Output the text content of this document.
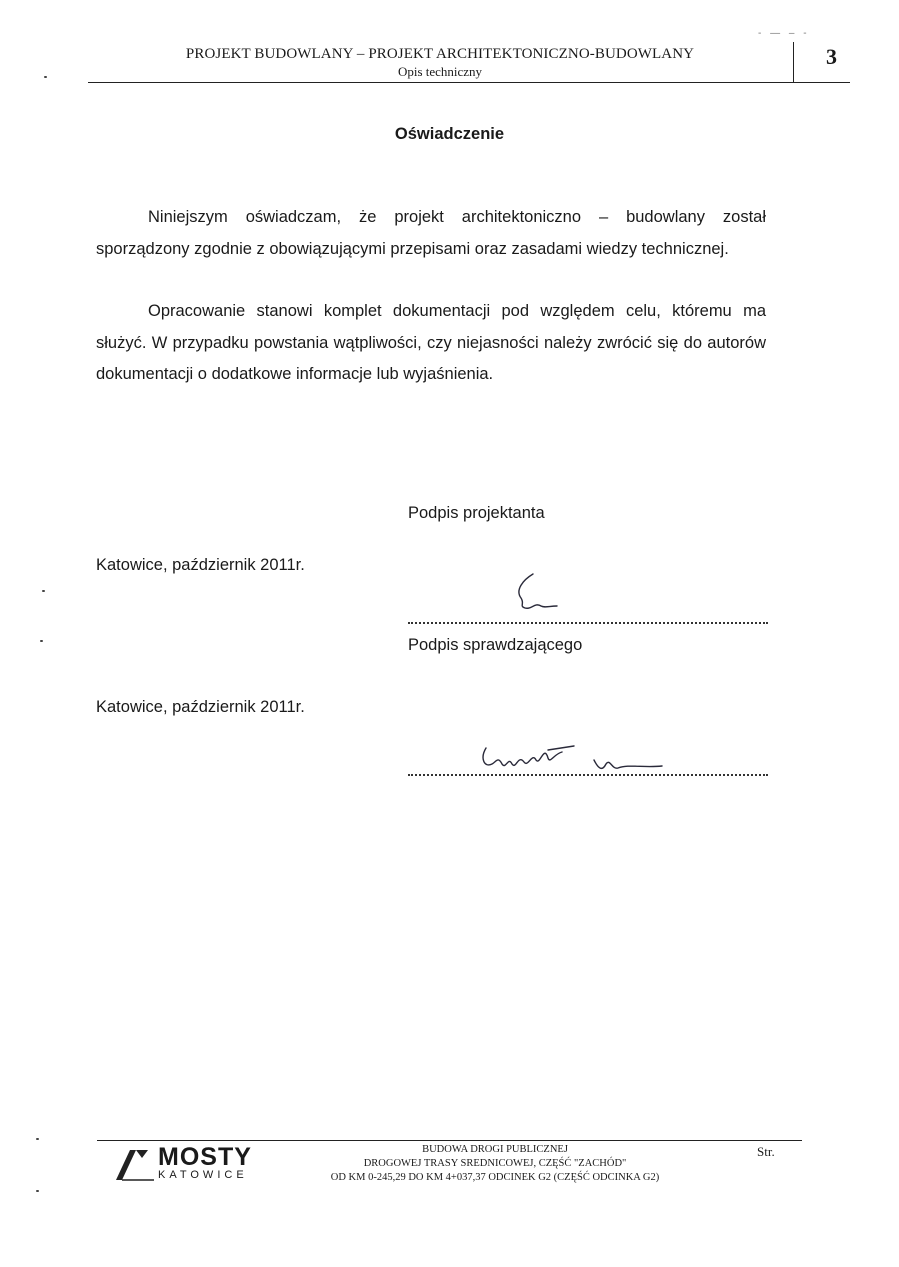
- — – -
PROJEKT BUDOWLANY – PROJEKT ARCHITEKTONICZNO-BUDOWLANY
Opis techniczny
3
Oświadczenie

Niniejszym oświadczam, że projekt architektoniczno – budowlany został sporządzony zgodnie z obowiązującymi przepisami oraz zasadami wiedzy technicznej.

Opracowanie stanowi komplet dokumentacji pod względem celu, któremu ma służyć. W przypadku powstania wątpliwości, czy niejasności należy zwrócić się do autorów dokumentacji o dodatkowe informacje lub wyjaśnienia.

Podpis projektanta
Katowice, październik 2011r.
Podpis sprawdzającego
Katowice, październik 2011r.
MOSTY
KATOWICE
BUDOWA DROGI PUBLICZNEJ
DROGOWEJ TRASY SREDNICOWEJ, CZĘŚĆ "ZACHÓD"
OD KM 0-245,29 DO KM 4+037,37 ODCINEK G2 (CZĘŚĆ ODCINKA G2)
Str.
